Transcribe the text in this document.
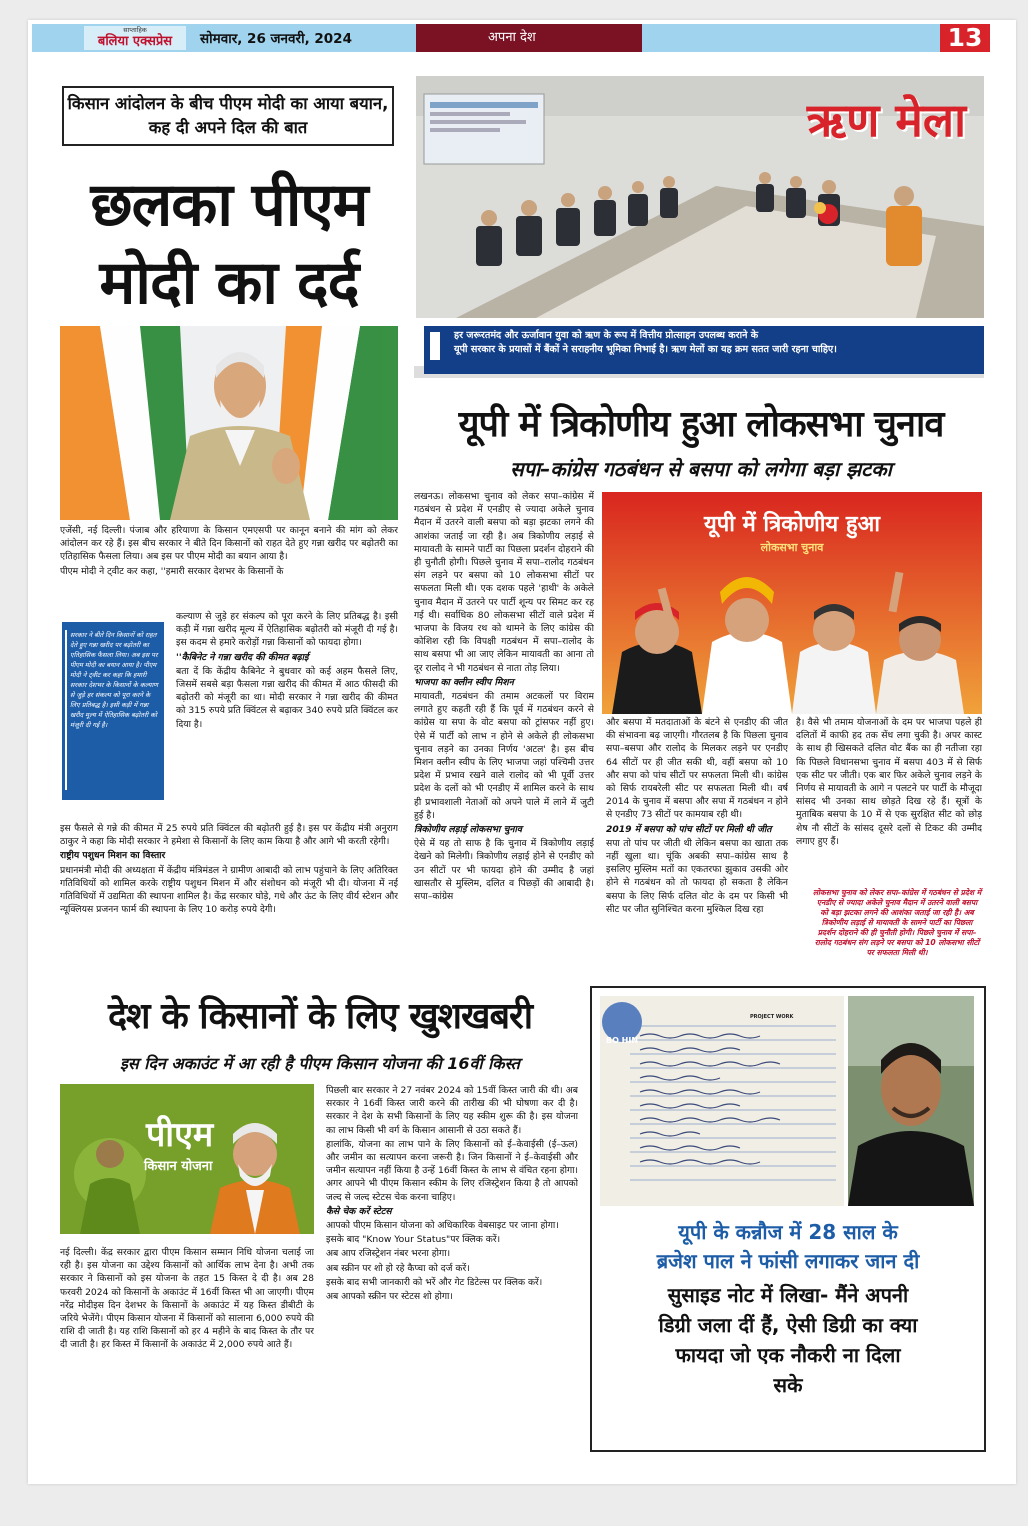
साप्ताहिक
बलिया एक्सप्रेस	सोमवार, 26 जनवरी, 2024	अपना देश	13
किसान आंदोलन के बीच पीएम मोदी का आया बयान, कह दी अपने दिल की बात
छलका पीएम
मोदी का दर्द

एजेंसी, नई दिल्ली। पंजाब और हरियाणा के किसान एमएसपी पर कानून बनाने की मांग को लेकर आंदोलन कर रहे हैं। इस बीच सरकार ने बीते दिन किसानों को राहत देते हुए गन्ना खरीद पर बढ़ोतरी का एतिहासिक फैसला लिया। अब इस पर पीएम मोदी का बयान आया है।

पीएम मोदी ने ट्वीट कर कहा, ''हमारी सरकार देशभर के किसानों के

सरकार ने बीते दिन किसानों को राहत देते हुए गन्ना खरीद पर बढ़ोतरी का एतिहासिक फैसला लिया। अब इस पर पीएम मोदी का बयान आया है। पीएम मोदी ने ट्वीट कर कहा कि हमारी सरकार देशभर के किसानों के कल्याण से जुड़े हर संकल्प को पूरा करने के लिए प्रतिबद्ध है। इसी कड़ी में गन्ना खरीद मूल्य में ऐतिहासिक बढ़ोतरी को मंजूरी दी गई है।

कल्याण से जुड़े हर संकल्प को पूरा करने के लिए प्रतिबद्ध है। इसी कड़ी में गन्ना खरीद मूल्य में ऐतिहासिक बढ़ोतरी को मंजूरी दी गई है। इस कदम से हमारे करोड़ों गन्ना किसानों को फायदा होगा।

''कैबिनेट ने गन्ना खरीद की कीमत बढ़ाई

बता दें कि केंद्रीय कैबिनेट ने बुधवार को कई अहम फैसले लिए, जिसमें सबसे बड़ा फैसला गन्ना खरीद की कीमत में आठ फीसदी की बढ़ोतरी को मंजूरी का था। मोदी सरकार ने गन्ना खरीद की कीमत को 315 रुपये प्रति क्विंटल से बढ़ाकर 340 रुपये प्रति क्विंटल कर दिया है।

इस फैसले से गन्ने की कीमत में 25 रुपये प्रति क्विंटल की बढ़ोतरी हुई है। इस पर केंद्रीय मंत्री अनुराग ठाकुर ने कहा कि मोदी सरकार ने हमेशा से किसानों के लिए काम किया है और आगे भी करती रहेगी।

राष्ट्रीय पशुधन मिशन का विस्तार

प्रधानमंत्री मोदी की अध्यक्षता में केंद्रीय मंत्रिमंडल ने ग्रामीण आबादी को लाभ पहुंचाने के लिए अतिरिक्त गतिविधियों को शामिल करके राष्ट्रीय पशुधन मिशन में और संशोधन को मंजूरी भी दी। योजना में नई गतिविधियों में उद्यमिता की स्थापना शामिल है। केंद्र सरकार घोड़े, गधे और ऊंट के लिए वीर्य स्टेशन और न्यूक्लियस प्रजनन फार्म की स्थापना के लिए 10 करोड़ रुपये देगी।

ऋण मेला
हर जरूरतमंद और ऊर्जावान युवा को ऋण के रूप में वित्तीय प्रोत्साहन उपलब्ध कराने के
यूपी सरकार के प्रयासों में बैंकों ने सराहनीय भूमिका निभाई है। ऋण मेलों का यह क्रम सतत जारी रहना चाहिए।
यूपी में त्रिकोणीय हुआ लोकसभा चुनाव
सपा–कांग्रेस गठबंधन से बसपा को लगेगा बड़ा झटका

लखनऊ। लोकसभा चुनाव को लेकर सपा–कांग्रेस में गठबंधन से प्रदेश में एनडीए से ज्यादा अकेले चुनाव मैदान में उतरने वाली बसपा को बड़ा झटका लगने की आशंका जताई जा रही है। अब त्रिकोणीय लड़ाई से मायावती के सामने पार्टी का पिछला प्रदर्शन दोहराने की ही चुनौती होगी। पिछले चुनाव में सपा–रालोद गठबंधन संग लड़ने पर बसपा को 10 लोकसभा सीटों पर सफलता मिली थी। एक दशक पहले 'हाथी' के अकेले चुनाव मैदान में उतरने पर पार्टी शून्य पर सिमट कर रह गई थी। सर्वाधिक 80 लोकसभा सीटों वाले प्रदेश में भाजपा के विजय रथ को थामने के लिए कांग्रेस की कोशिश रही कि विपक्षी गठबंधन में सपा–रालोद के साथ बसपा भी आ जाए लेकिन मायावती का आना तो दूर रालोद ने भी गठबंधन से नाता तोड़ लिया।

भाजपा का क्लीन स्वीप मिशन

मायावती, गठबंधन की तमाम अटकलों पर विराम लगाते हुए कहती रही हैं कि पूर्व में गठबंधन करने से कांग्रेस या सपा के वोट बसपा को ट्रांसफर नहीं हुए। ऐसे में पार्टी को लाभ न होने से अकेले ही लोकसभा चुनाव लड़ने का उनका निर्णय 'अटल' है। इस बीच मिशन क्लीन स्वीप के लिए भाजपा जहां पश्चिमी उत्तर प्रदेश में प्रभाव रखने वाले रालोद को भी पूर्वी उत्तर प्रदेश के दलों को भी एनडीए में शामिल करने के साथ ही प्रभावशाली नेताओं को अपने पाले में लाने में जुटी हुई है।

त्रिकोणीय लड़ाई लोकसभा चुनाव

ऐसे में यह तो साफ है कि चुनाव में त्रिकोणीय लड़ाई देखने को मिलेगी। त्रिकोणीय लड़ाई होने से एनडीए को उन सीटों पर भी फायदा होने की उम्मीद है जहां खासतौर से मुस्लिम, दलित व पिछड़ों की आबादी है। सपा–कांग्रेस

यूपी में त्रिकोणीय हुआ
लोकसभा चुनाव

और बसपा में मतदाताओं के बंटने से एनडीए की जीत की संभावना बढ़ जाएगी। गौरतलब है कि पिछला चुनाव सपा–बसपा और रालोद के मिलकर लड़ने पर एनडीए 64 सीटों पर ही जीत सकी थी, वहीं बसपा को 10 और सपा को पांच सीटों पर सफलता मिली थी। कांग्रेस को सिर्फ रायबरेली सीट पर सफलता मिली थी। वर्ष 2014 के चुनाव में बसपा और सपा में गठबंधन न होने से एनडीए 73 सीटों पर कामयाब रही थी।

2019 में बसपा को पांच सीटों पर मिली थी जीत

सपा तो पांच पर जीती थी लेकिन बसपा का खाता तक नहीं खुला था। चूंकि अबकी सपा–कांग्रेस साथ है इसलिए मुस्लिम मतों का एकतरफा झुकाव उसकी ओर होने से गठबंधन को तो फायदा हो सकता है लेकिन बसपा के लिए सिर्फ दलित वोट के दम पर किसी भी सीट पर जीत सुनिश्चित करना मुश्किल दिख रहा

है। वैसे भी तमाम योजनाओं के दम पर भाजपा पहले ही दलितों में काफी हद तक सेंध लगा चुकी है। अपर कास्ट के साथ ही खिसकते दलित वोट बैंक का ही नतीजा रहा कि पिछले विधानसभा चुनाव में बसपा 403 में से सिर्फ एक सीट पर जीती। एक बार फिर अकेले चुनाव लड़ने के निर्णय से मायावती के आगे न पलटने पर पार्टी के मौजूदा सांसद भी उनका साथ छोड़ते दिख रहे हैं। सूत्रों के मुताबिक बसपा के 10 में से एक सुरक्षित सीट को छोड़ शेष नौ सीटों के सांसद दूसरे दलों से टिकट की उम्मीद लगाए हुए हैं।

लोकसभा चुनाव को लेकर सपा–कांग्रेस में गठबंधन से प्रदेश में एनडीए से ज्यादा अकेले चुनाव मैदान में उतरने वाली बसपा को बड़ा झटका लगने की आशंका जताई जा रही है। अब त्रिकोणीय लड़ाई से मायावती के सामने पार्टी का पिछला प्रदर्शन दोहराने की ही चुनौती होगी। पिछले चुनाव में सपा–रालोद गठबंधन संग लड़ने पर बसपा को 10 लोकसभा सीटों पर सफलता मिली थी।
देश के किसानों के लिए खुशखबरी
इस दिन अकाउंट में आ रही है पीएम किसान योजना की 16वीं किस्त
पीएम
किसान योजना

नई दिल्ली। केंद्र सरकार द्वारा पीएम किसान सम्मान निधि योजना चलाई जा रही है। इस योजना का उद्देश्य किसानों को आर्थिक लाभ देना है। अभी तक सरकार ने किसानों को इस योजना के तहत 15 किस्त दे दी है। अब 28 फरवरी 2024 को किसानों के अकाउंट में 16वीं किस्त भी आ जाएगी। पीएम नरेंद्र मोदीइस दिन देशभर के किसानों के अकाउंट में यह किस्त डीबीटी के जरिये भेजेंगे। पीएम किसान योजना में किसानों को सालाना 6,000 रुपये की राशि दी जाती है। यह राशि किसानों को हर 4 महीने के बाद किस्त के तौर पर दी जाती है। हर किस्त में किसानों के अकाउंट में 2,000 रुपये आते हैं।

पिछली बार सरकार ने 27 नवंबर 2024 को 15वीं किस्त जारी की थी। अब सरकार ने 16वीं किस्त जारी करने की तारीख की भी घोषणा कर दी है। सरकार ने देश के सभी किसानों के लिए यह स्कीम शुरू की है। इस योजना का लाभ किसी भी वर्ग के किसान आसानी से उठा सकते हैं।

हालांकि, योजना का लाभ पाने के लिए किसानों को ई–केवाईसी (ई–ऊल) और जमीन का सत्यापन करना जरूरी है। जिन किसानों ने ई–केवाईसी और जमीन सत्यापन नहीं किया है उन्हें 16वीं किस्त के लाभ से वंचित रहना होगा। अगर आपने भी पीएम किसान स्कीम के लिए रजिस्ट्रेशन किया है तो आपको जल्द से जल्द स्टेटस चेक करना चाहिए।

कैसे चेक करें स्टेटस

आपको पीएम किसान योजना को अधिकारिक वेबसाइट पर जाना होगा।

इसके बाद "Know Your Status"पर क्लिक करें।

अब आप रजिस्ट्रेशन नंबर भरना होगा।

अब स्क्रीन पर शो हो रहे कैप्चा को दर्ज करें।

इसके बाद सभी जानकारी को भरें और गेट डिटेल्स पर क्लिक करें।

अब आपको स्क्रीन पर स्टेटस शो होगा।

BO HIN
PROJECT WORK
यूपी के कन्नौज में 28 साल के
ब्रजेश पाल ने फांसी लगाकर जान दी
सुसाइड नोट में लिखा- मैंने अपनी
डिग्री जला दीं हैं, ऐसी डिग्री का क्या
फायदा जो एक नौकरी ना दिला
सके
